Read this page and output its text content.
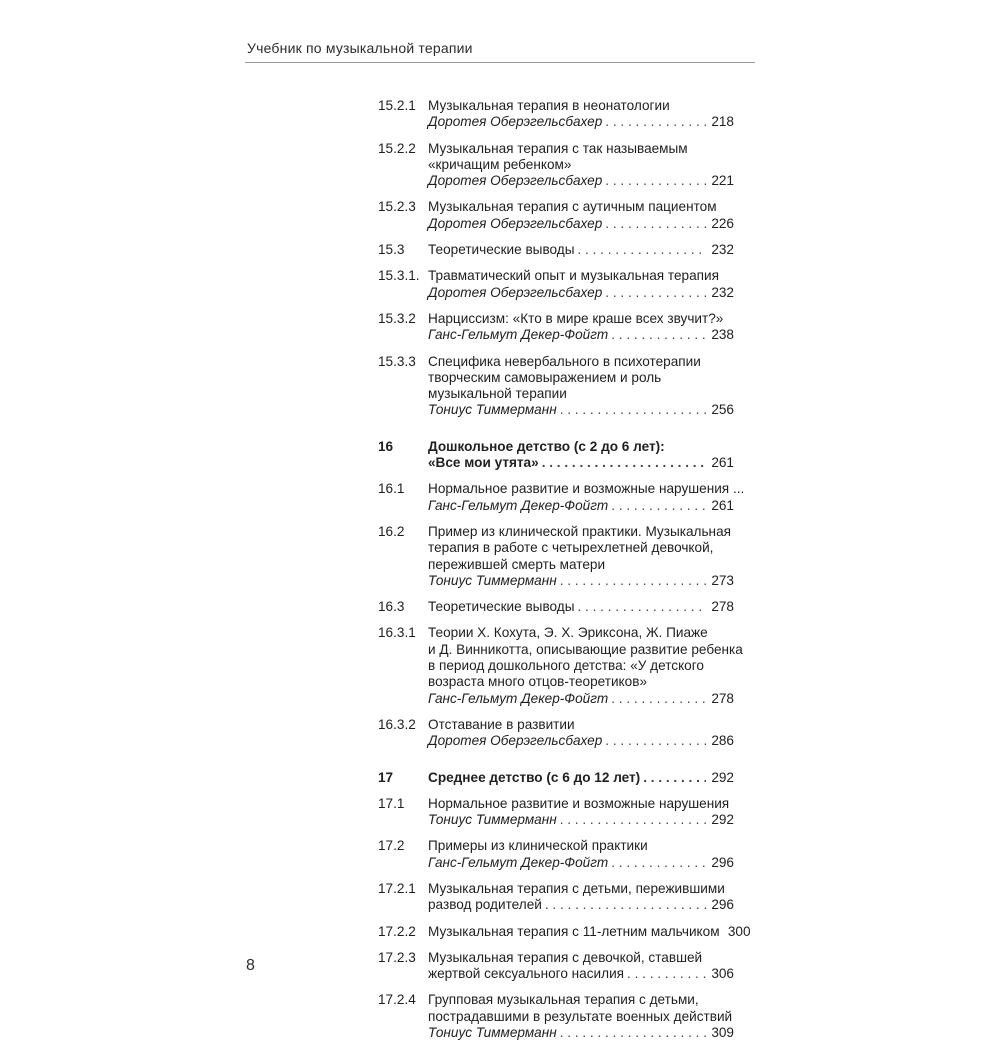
Учебник по музыкальной терапии
15.2.1 Музыкальная терапия в неонатологии
Доротея Оберэгельсбахер . . .	218
15.2.2 Музыкальная терапия с так называемым
«кричащим ребенком»
Доротея Оберэгельсбахер . . .	221
15.2.3 Музыкальная терапия с аутичным пациентом
Доротея Оберэгельсбахер . . .	226
15.3	Теоретические выводы . . .	232
15.3.1. Травматический опыт и музыкальная терапия
Доротея Оберэгельсбахер . . .	232
15.3.2 Нарциссизм: «Кто в мире краше всех звучит?»
Ганс-Гельмут Декер-Фойгт . . .	238
15.3.3 Специфика невербального в психотерапии
творческим самовыражением и роль
музыкальной терапии
Тониус Тиммерманн . . .	256
16	Дошкольное детство (с 2 до 6 лет):
«Все мои утята» . . .	261
16.1	Нормальное развитие и возможные нарушения ...
Ганс-Гельмут Декер-Фойгт . . .	261
16.2	Пример из клинической практики. Музыкальная
терапия в работе с четырехлетней девочкой,
пережившей смерть матери
Тониус Тиммерманн . . .	273
16.3	Теоретические выводы . . .	278
16.3.1 Теории Х. Кохута, Э. Х. Эриксона, Ж. Пиаже
и Д. Винникотта, описывающие развитие ребенка
в период дошкольного детства: «У детского
возраста много отцов-теоретиков»
Ганс-Гельмут Декер-Фойгт . . .	278
16.3.2 Отставание в развитии
Доротея Оберэгельсбахер . . .	286
17	Среднее детство (с 6 до 12 лет) . . .	292
17.1	Нормальное развитие и возможные нарушения
Тониус Тиммерманн . . .	292
17.2	Примеры из клинической практики
Ганс-Гельмут Декер-Фойгт . . .	296
17.2.1 Музыкальная терапия с детьми, пережившими
развод родителей . . .	296
17.2.2 Музыкальная терапия с 11-летним мальчиком 300
17.2.3 Музыкальная терапия с девочкой, ставшей
жертвой сексуального насилия . . .	306
17.2.4 Групповая музыкальная терапия с детьми,
пострадавшими в результате военных действий
Тониус Тиммерманн . . .	309
8
